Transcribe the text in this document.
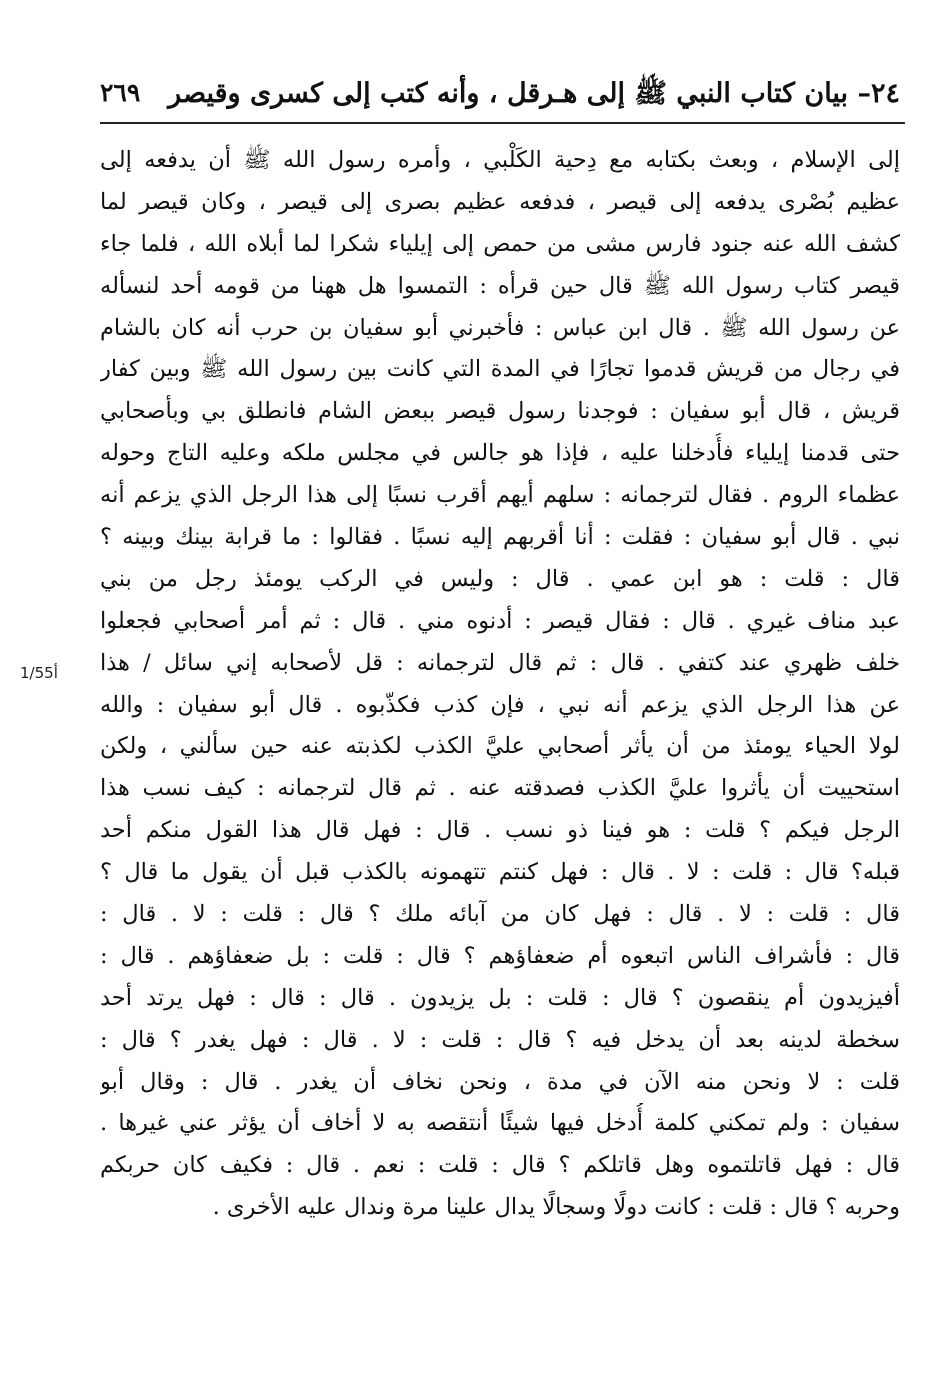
٢٤– بيان كتاب النبي ﷺ إلى هـرقل ، وأنه كتب إلى كسرى وقيصر
٢٦٩
إلى الإسلام ، وبعث بكتابه مع دِحية الكَلْبي ، وأمره رسول الله ﷺ أن يدفعه إلى
عظيم بُصْرى يدفعه إلى قيصر ، فدفعه عظيم بصرى إلى قيصر ، وكان قيصر لما
كشف الله عنه جنود فارس مشى من حمص إلى إيلياء شكرا لما أبلاه الله ، فلما جاء
قيصر كتاب رسول الله ﷺ قال حين قرأه : التمسوا هل ههنا من قومه أحد لنسأله
عن رسول الله ﷺ . قال ابن عباس : فأخبرني أبو سفيان بن حرب أنه كان بالشام
في رجال من قريش قدموا تجارًا في المدة التي كانت بين رسول الله ﷺ وبين كفار
قريش ، قال أبو سفيان : فوجدنا رسول قيصر ببعض الشام فانطلق بي وبأصحابي
حتى قدمنا إيلياء فأُدخلنا عليه ، فإذا هو جالس في مجلس ملكه وعليه التاج وحوله
عظماء الروم . فقال لترجمانه : سلهم أيهم أقرب نسبًا إلى هذا الرجل الذي يزعم أنه
نبي . قال أبو سفيان : فقلت : أنا أقربهم إليه نسبًا . فقالوا : ما قرابة بينك وبينه ؟
قال : قلت : هو ابن عمي . قال : وليس في الركب يومئذ رجل من بني
عبد مناف غيري . قال : فقال قيصر : أدنوه مني . قال : ثم أمر أصحابي فجعلوا
خلف ظهري عند كتفي . قال : ثم قال لترجمانه : قل لأصحابه إني سائل / هذا
عن هذا الرجل الذي يزعم أنه نبي ، فإن كذب فكذّبوه . قال أبو سفيان : والله
لولا الحياء يومئذ من أن يأثر أصحابي عليَّ الكذب لكذبته عنه حين سألني ، ولكن
استحييت أن يأثروا عليَّ الكذب فصدقته عنه . ثم قال لترجمانه : كيف نسب هذا
الرجل فيكم ؟ قلت : هو فينا ذو نسب . قال : فهل قال هذا القول منكم أحد
قبله؟ قال : قلت : لا . قال : فهل كنتم تتهمونه بالكذب قبل أن يقول ما قال ؟
قال : قلت : لا . قال : فهل كان من آبائه ملك ؟ قال : قلت : لا . قال :
قال : فأشراف الناس اتبعوه أم ضعفاؤهم ؟ قال : قلت : بل ضعفاؤهم . قال :
أفيزيدون أم ينقصون ؟ قال : قلت : بل يزيدون . قال : قال : فهل يرتد أحد
سخطة لدينه بعد أن يدخل فيه ؟ قال : قلت : لا . قال : فهل يغدر ؟ قال :
قلت : لا ونحن منه الآن في مدة ، ونحن نخاف أن يغدر . قال : وقال أبو
سفيان : ولم تمكني كلمة أُدخل فيها شيئًا أنتقصه به لا أخاف أن يؤثر عني غيرها .
قال : فهل قاتلتموه وهل قاتلكم ؟ قال : قلت : نعم . قال : فكيف كان حربكم
وحربه ؟ قال : قلت : كانت دولًا وسجالًا يدال علينا مرة وندال عليه الأخرى .
1/55أ
